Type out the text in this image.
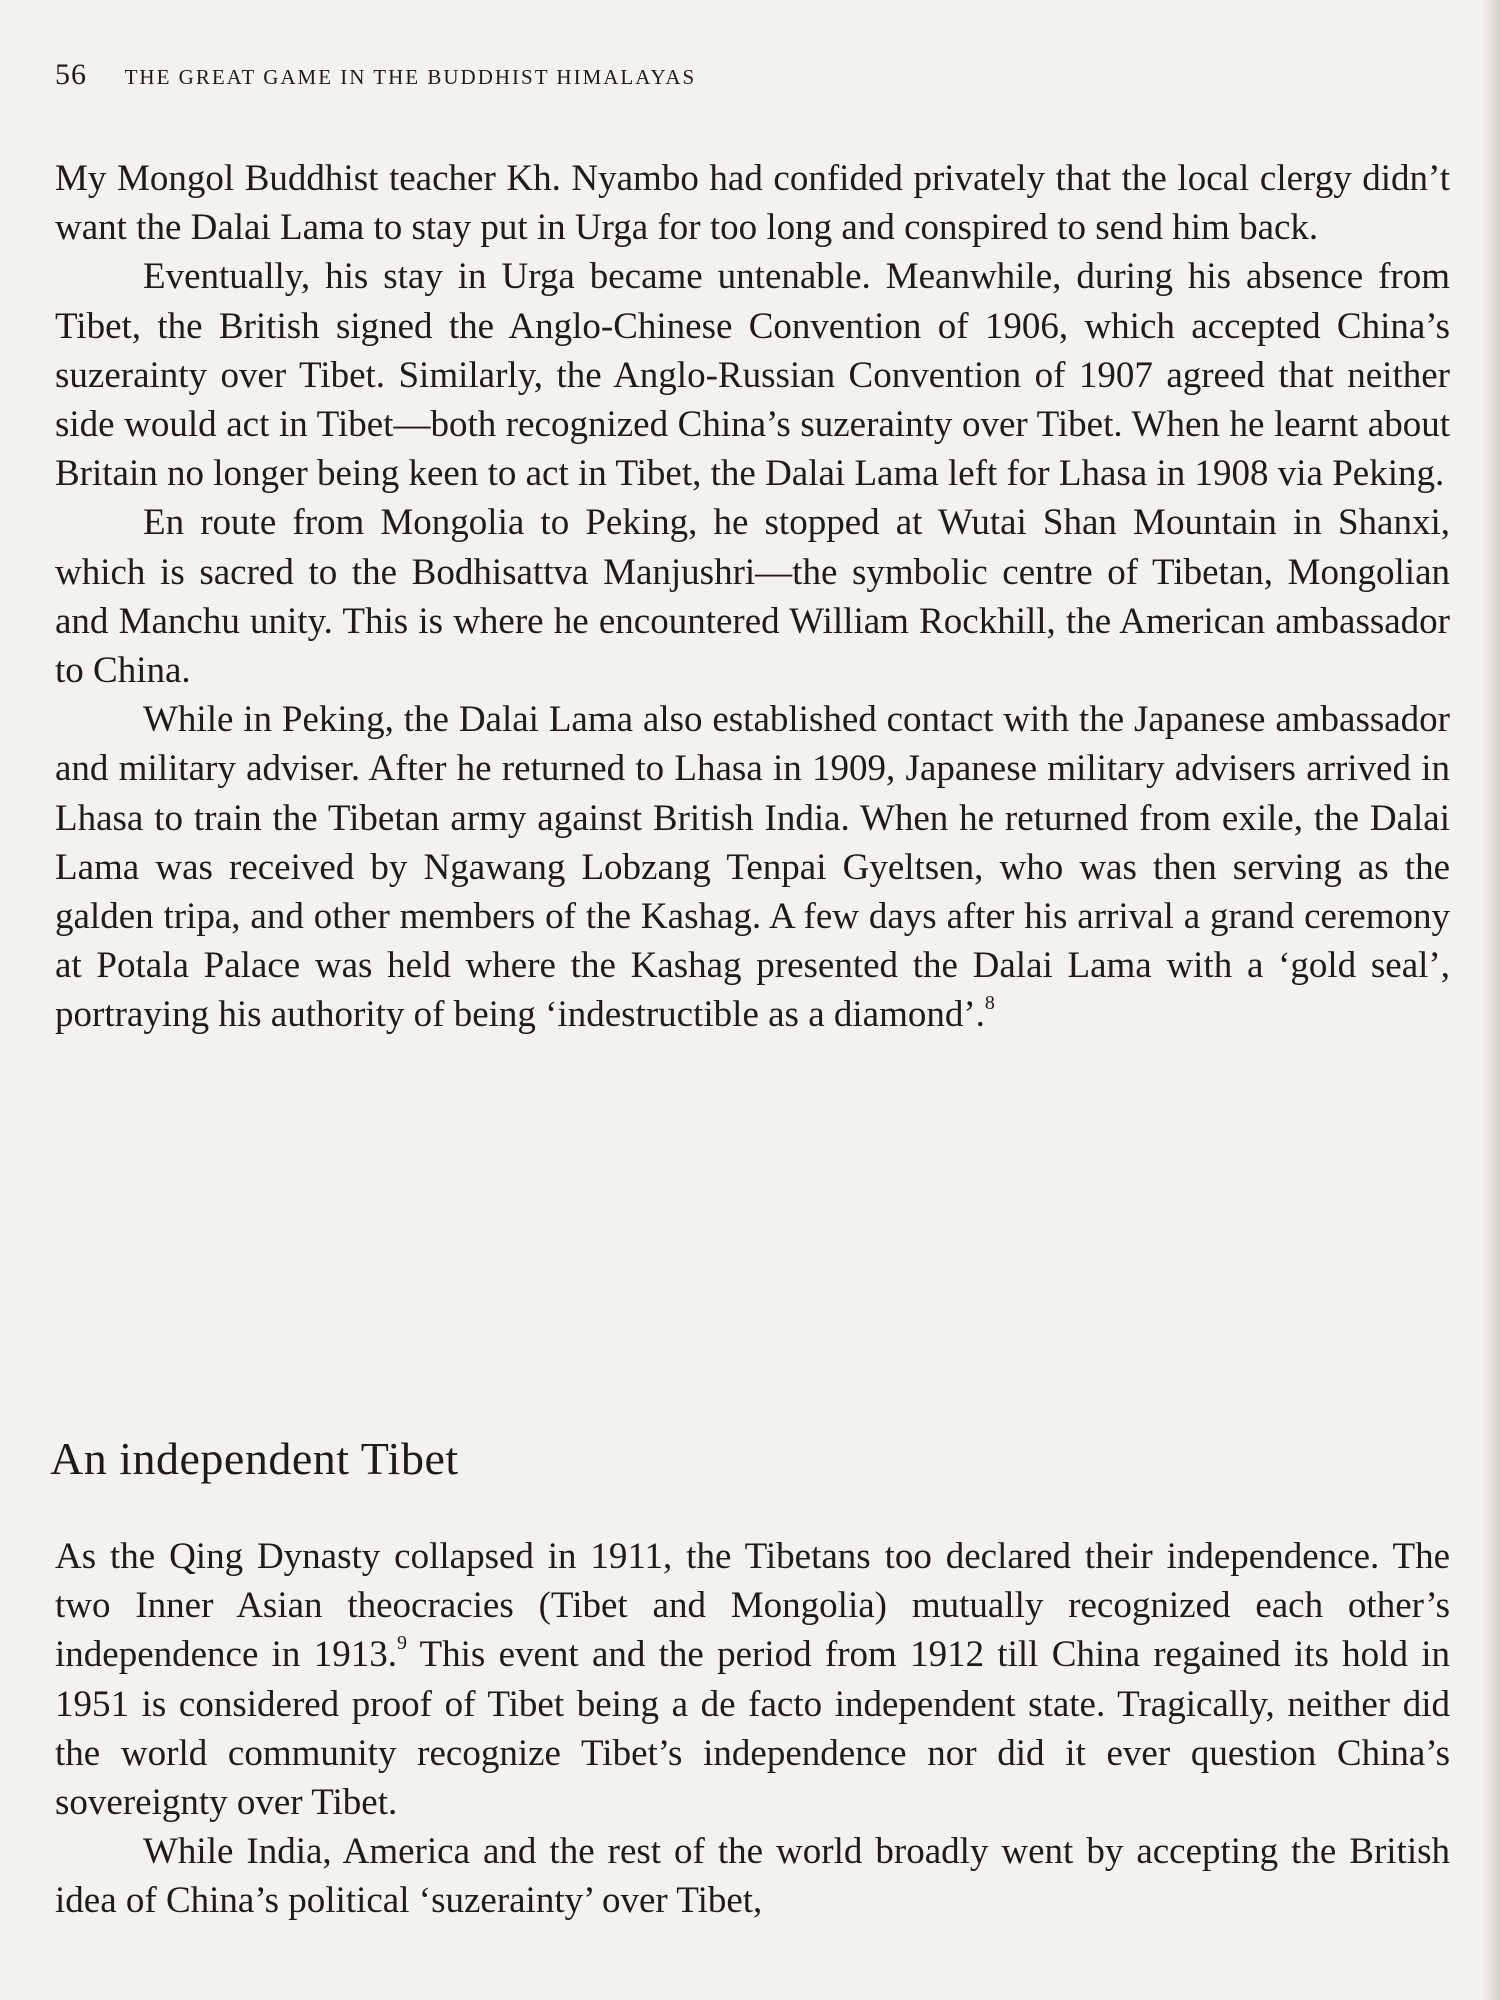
56 THE GREAT GAME IN THE BUDDHIST HIMALAYAS

My Mongol Buddhist teacher Kh. Nyambo had confided privately that the local clergy didn’t want the Dalai Lama to stay put in Urga for too long and conspired to send him back.

Eventually, his stay in Urga became untenable. Meanwhile, during his absence from Tibet, the British signed the Anglo-Chinese Convention of 1906, which accepted China’s suzerainty over Tibet. Similarly, the Anglo-Russian Convention of 1907 agreed that neither side would act in Tibet—both recognized China’s suzerainty over Tibet. When he learnt about Britain no longer being keen to act in Tibet, the Dalai Lama left for Lhasa in 1908 via Peking.

En route from Mongolia to Peking, he stopped at Wutai Shan Mountain in Shanxi, which is sacred to the Bodhisattva Manjushri—the symbolic centre of Tibetan, Mongolian and Manchu unity. This is where he encountered William Rockhill, the American ambassador to China.

While in Peking, the Dalai Lama also established contact with the Japanese ambassador and military adviser. After he returned to Lhasa in 1909, Japanese military advisers arrived in Lhasa to train the Tibetan army against British India. When he returned from exile, the Dalai Lama was received by Ngawang Lobzang Tenpai Gyeltsen, who was then serving as the galden tripa, and other members of the Kashag. A few days after his arrival a grand ceremony at Potala Palace was held where the Kashag presented the Dalai Lama with a ‘gold seal’, portraying his authority of being ‘indestructible as a diamond’.$^8$

An independent Tibet

As the Qing Dynasty collapsed in 1911, the Tibetans too declared their independence. The two Inner Asian theocracies (Tibet and Mongolia) mutually recognized each other’s independence in 1913.$^9$ This event and the period from 1912 till China regained its hold in 1951 is considered proof of Tibet being a de facto independent state. Tragically, neither did the world community recognize Tibet’s independence nor did it ever question China’s sovereignty over Tibet.

While India, America and the rest of the world broadly went by accepting the British idea of China’s political ‘suzerainty’ over Tibet,
